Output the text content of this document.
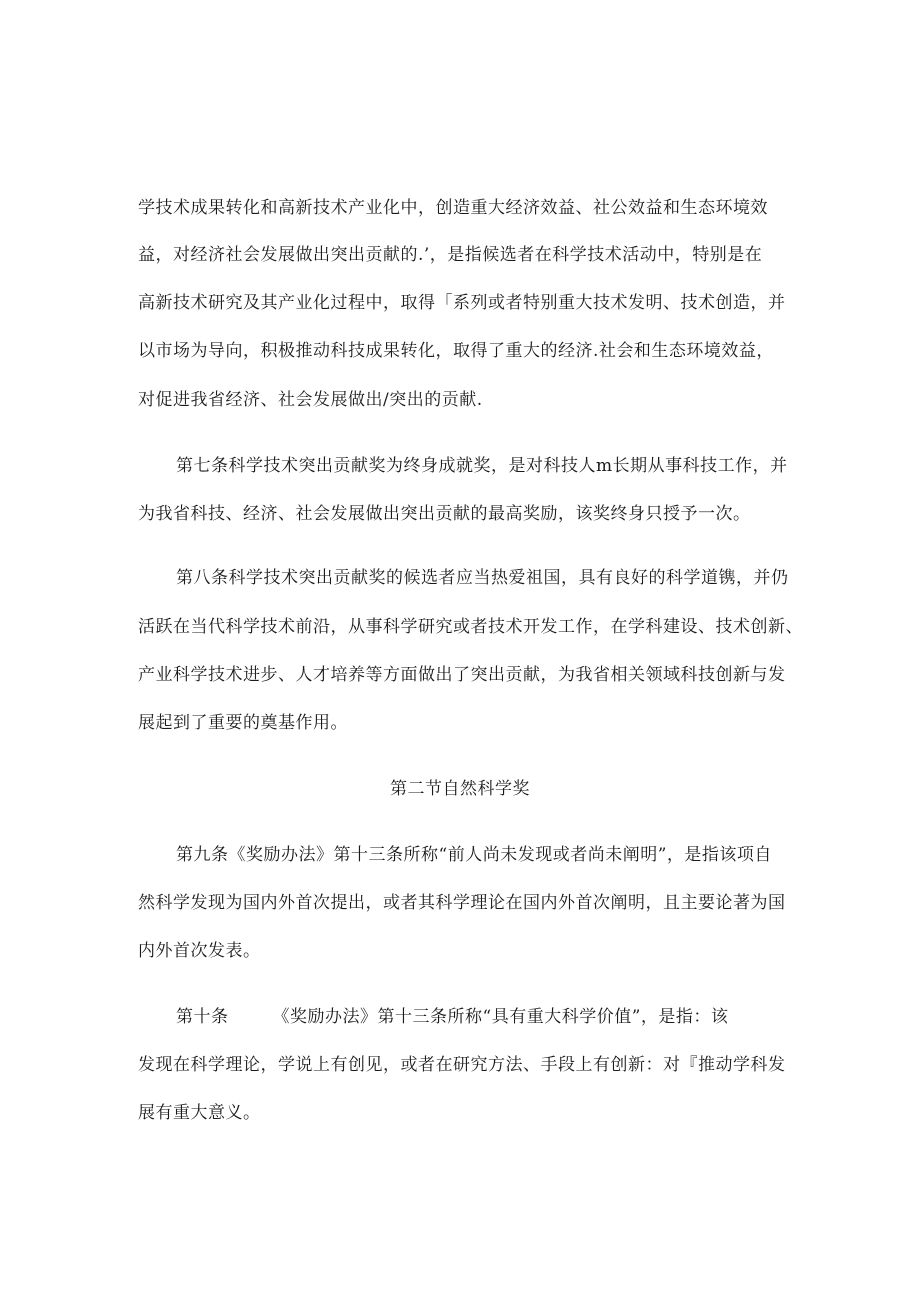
学技术成果转化和高新技术产业化中，创造重大经济效益、社公效益和生态环境效
益，对经济社会发展做出突出贡献的.’，是指候选者在科学技术活动中，特别是在
高新技术研究及其产业化过程中，取得「系列或者特别重大技术发明、技术创造，并
以市场为导向，积极推动科技成果转化，取得了重大的经济.社会和生态环境效益，
对促进我省经济、社会发展做出/突出的贡献.
第七条科学技术突出贡献奖为终身成就奖，是对科技人m长期从事科技工作，并
为我省科技、经济、社会发展做出突出贡献的最高奖励，该奖终身只授予一次。
第八条科学技术突出贡献奖的候选者应当热爱祖国，具有良好的科学道镌，并仍
活跃在当代科学技术前沿，从事科学研究或者技术开发工作，在学科建设、技术创新、
产业科学技术进步、人才培养等方面做出了突出贡献，为我省相关领域科技创新与发
展起到了重要的奠基作用。
第二节自然科学奖
第九条《奖励办法》第十三条所称“前人尚未发现或者尚未阐明”，是指该项自
然科学发现为国内外首次提出，或者其科学理论在国内外首次阐明，且主要论著为国
内外首次发表。
第十条	《奖励办法》第十三条所称“具有重大科学价值”，是指：该
发现在科学理论，学说上有创见，或者在研究方法、手段上有创新：对『推动学科发
展有重大意义。
